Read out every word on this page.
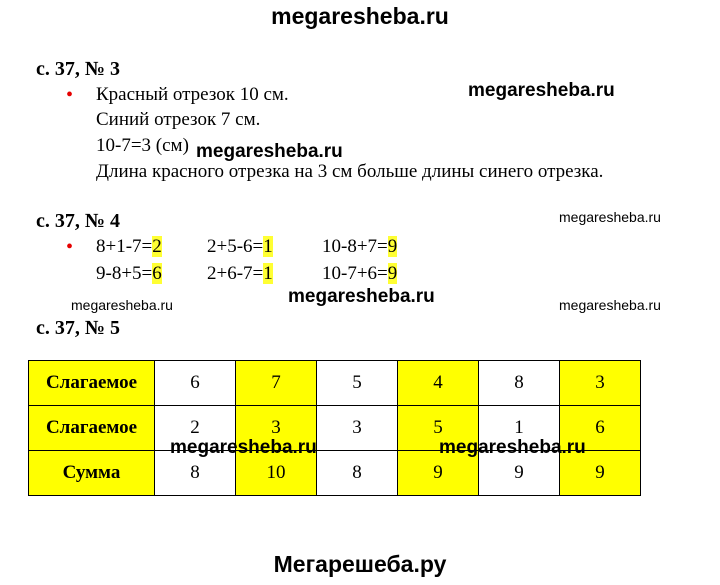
megaresheba.ru
с. 37, № 3
• Красный отрезок 10 см.
Синий отрезок 7 см.
10-7=3 (см)
Длина красного отрезка на 3 см больше длины синего отрезка.
с. 37, № 4
• 8+1-7=2 2+5-6=1	10-8+7=9
9-8+5=6 2+6-7=1	10-7+6=9
с. 37, № 5
Слагаемое	6	7	5	4	8	3
Слагаемое	2	3	3	5	1	6
Сумма	8	10	8	9	9	9
megaresheba.ru
megaresheba.ru
megaresheba.ru
megaresheba.ru
megaresheba.ru	megaresheba.ru
megaresheba.ru	megaresheba.ru
Мегарешеба.ру
